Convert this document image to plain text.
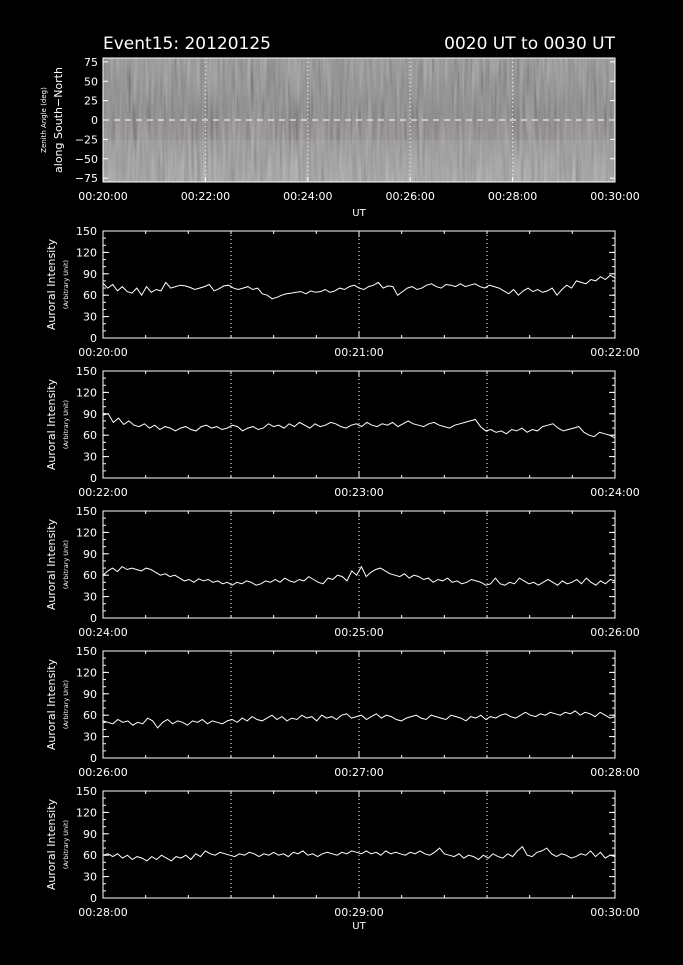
Event15: 20120125	0020 UT to 0030 UT
75
50
25
0
−25
−50
−75
00:20:00	00:22:00	00:24:00	00:26:00	00:28:00	00:30:00
Zenith Angle (deg) along South−North
UT
150
120
90
60
30
0
00:20:00	00:21:00	00:22:00
Auroral Intensity (Arbitrary Unit)
150
120
90
60
30
0
00:22:00	00:23:00	00:24:00
Auroral Intensity (Arbitrary Unit)
150
120
90
60
30
0
00:24:00	00:25:00	00:26:00
Auroral Intensity (Arbitrary Unit)
150
120
90
60
30
0
00:26:00	00:27:00	00:28:00
Auroral Intensity (Arbitrary Unit)
150
120
90
60
30
0
00:28:00	00:29:00	00:30:00
Auroral Intensity (Arbitrary Unit)
UT
